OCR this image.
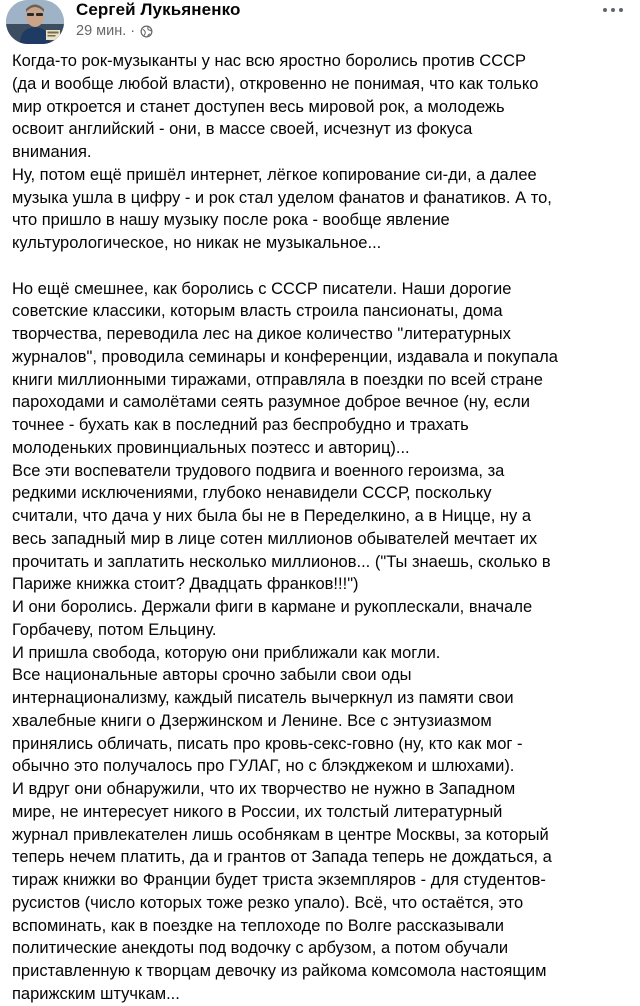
Сергей Лукьяненко
29 мин. ·
Когда-то рок-музыканты у нас всю яростно боролись против СССР
(да и вообще любой власти), откровенно не понимая, что как только
мир откроется и станет доступен весь мировой рок, а молодежь
освоит английский - они, в массе своей, исчезнут из фокуса
внимания.
Ну, потом ещё пришёл интернет, лёгкое копирование си-ди, а далее
музыка ушла в цифру - и рок стал уделом фанатов и фанатиков. А то,
что пришло в нашу музыку после рока - вообще явление
культурологическое, но никак не музыкальное...
Но ещё смешнее, как боролись с СССР писатели. Наши дорогие
советские классики, которым власть строила пансионаты, дома
творчества, переводила лес на дикое количество "литературных
журналов", проводила семинары и конференции, издавала и покупала
книги миллионными тиражами, отправляла в поездки по всей стране
пароходами и самолётами сеять разумное доброе вечное (ну, если
точнее - бухать как в последний раз беспробудно и трахать
молоденьких провинциальных поэтесс и авториц)...
Все эти воспеватели трудового подвига и военного героизма, за
редкими исключениями, глубоко ненавидели СССР, поскольку
считали, что дача у них была бы не в Переделкино, а в Ницце, ну а
весь западный мир в лице сотен миллионов обывателей мечтает их
прочитать и заплатить несколько миллионов... ("Ты знаешь, сколько в
Париже книжка стоит? Двадцать франков!!!")
И они боролись. Держали фиги в кармане и рукоплескали, вначале
Горбачеву, потом Ельцину.
И пришла свобода, которую они приближали как могли.
Все национальные авторы срочно забыли свои оды
интернационализму, каждый писатель вычеркнул из памяти свои
хвалебные книги о Дзержинском и Ленине. Все с энтузиазмом
принялись обличать, писать про кровь-секс-говно (ну, кто как мог -
обычно это получалось про ГУЛАГ, но с блэкджеком и шлюхами).
И вдруг они обнаружили, что их творчество не нужно в Западном
мире, не интересует никого в России, их толстый литературный
журнал привлекателен лишь особнякам в центре Москвы, за который
теперь нечем платить, да и грантов от Запада теперь не дождаться, а
тираж книжки во Франции будет триста экземпляров - для студентов-
русистов (число которых тоже резко упало). Всё, что остаётся, это
вспоминать, как в поездке на теплоходе по Волге рассказывали
политические анекдоты под водочку с арбузом, а потом обучали
приставленную к творцам девочку из райкома комсомола настоящим
парижским штучкам...
